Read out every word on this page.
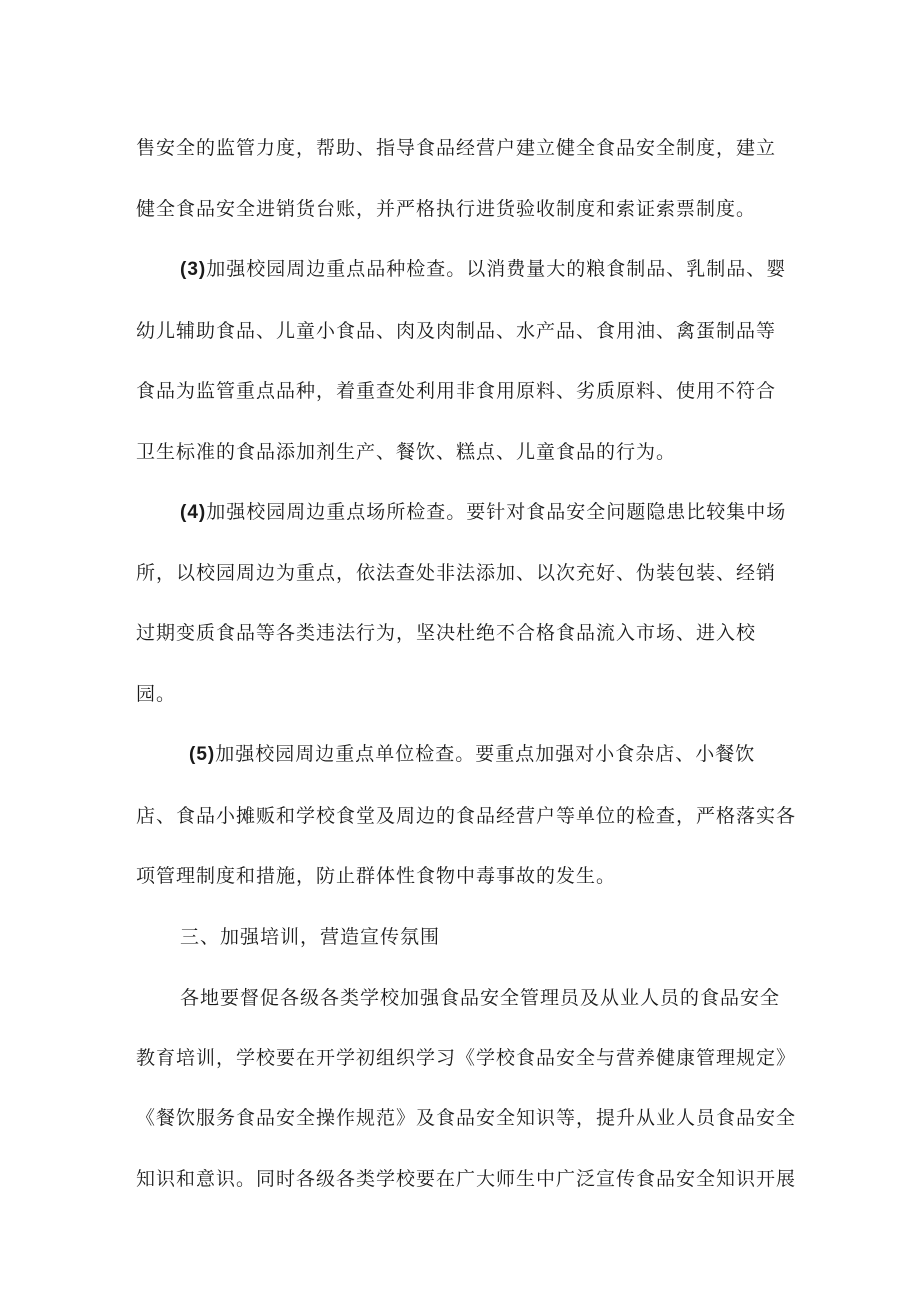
售安全的监管力度，帮助、指导食品经营户建立健全食品安全制度，建立
健全食品安全进销货台账，并严格执行进货验收制度和索证索票制度。
(3)加强校园周边重点品种检查。以消费量大的粮食制品、乳制品、婴
幼儿辅助食品、儿童小食品、肉及肉制品、水产品、食用油、禽蛋制品等
食品为监管重点品种，着重查处利用非食用原料、劣质原料、使用不符合
卫生标准的食品添加剂生产、餐饮、糕点、儿童食品的行为。
(4)加强校园周边重点场所检查。要针对食品安全问题隐患比较集中场
所，以校园周边为重点，依法查处非法添加、以次充好、伪装包装、经销
过期变质食品等各类违法行为，坚决杜绝不合格食品流入市场、进入校
园。
(5)加强校园周边重点单位检查。要重点加强对小食杂店、小餐饮
店、食品小摊贩和学校食堂及周边的食品经营户等单位的检查，严格落实各
项管理制度和措施，防止群体性食物中毒事故的发生。
三、加强培训，营造宣传氛围
各地要督促各级各类学校加强食品安全管理员及从业人员的食品安全
教育培训，学校要在开学初组织学习《学校食品安全与营养健康管理规定》
《餐饮服务食品安全操作规范》及食品安全知识等，提升从业人员食品安全
知识和意识。同时各级各类学校要在广大师生中广泛宣传食品安全知识开展
